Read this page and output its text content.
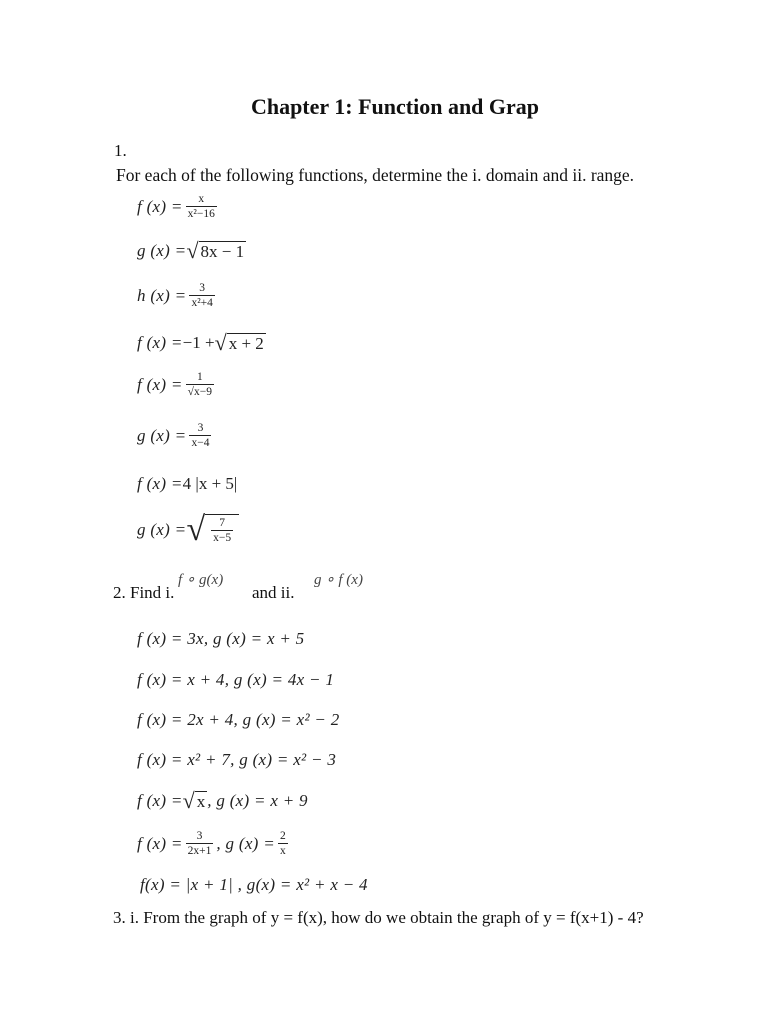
Chapter 1: Function and Grap
1.
For each of the following functions, determine the i. domain and ii. range.
f $(x) = \frac{x}{\text{x²−16}}$
g (x) = √ 8x − 1
h $(x) = \frac{3}{\text{x²+4}}$
f (x) = −1 + √ x + 2
f $(x) = \frac{1}{√x-9}$
g $(x) = \frac{3}{x-4}$
f (x) = 4 |x + 5|
g (x) = √ $\frac{7}{x-5}$
2. Find i.
f ∘ g(x)
and ii.
g ∘ f (x)
f (x) = 3x, g (x) = x + 5
f (x) = x + 4, g (x) = 4x − 1
f (x) = 2x + 4, g (x) = x² − 2
f (x) = x² + 7, g (x) = x² − 3
f (x) = √ x , g (x) = x + 9
f $(x) = \frac{3}{2x+1}$ , g $(x) = \frac{2}{x}$
f(x) = |x + 1| , g(x) = x² + x − 4
3. i. From the graph of y = f(x), how do we obtain the graph of y = f(x+1) - 4?
